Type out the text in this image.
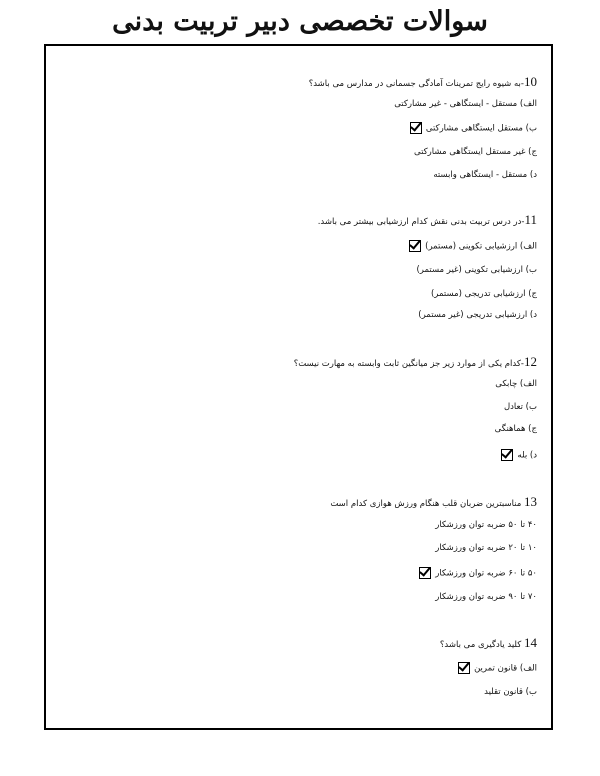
سوالات تخصصی دبیر تربیت بدنی
10-به شیوه رایج تمرینات آمادگی جسمانی در مدارس می باشد؟
الف) مستقل - ایستگاهی - غیر مشارکتی
ب) مستقل ایستگاهی مشارکتی
ج) غیر مستقل ایستگاهی مشارکتی
د) مستقل - ایستگاهی وابسته
11-در درس تربیت بدنی نقش کدام ارزشیابی بیشتر می باشد.
الف) ارزشیابی تکوینی (مستمر)
ب) ارزشیابی تکوینی (غیر مستمر)
ج) ارزشیابی تدریجی (مستمر)
د) ارزشیابی تدریجی (غیر مستمر)
12-کدام یکی از موارد زیر جز میانگین ثابت وابسته به مهارت نیست؟
الف) چابکی
ب) تعادل
ج) هماهنگی
د) بله
13 مناسبترین ضربان قلب هنگام ورزش هوازی کدام است
۴۰ تا ۵۰ ضربه توان ورزشکار
۱۰ تا ۲۰ ضربه توان ورزشکار
۵۰ تا ۶۰ ضربه توان ورزشکار
۷۰ تا ۹۰ ضربه توان ورزشکار
14 کلید یادگیری می باشد؟
الف) قانون تمرین
ب) قانون تقلید
